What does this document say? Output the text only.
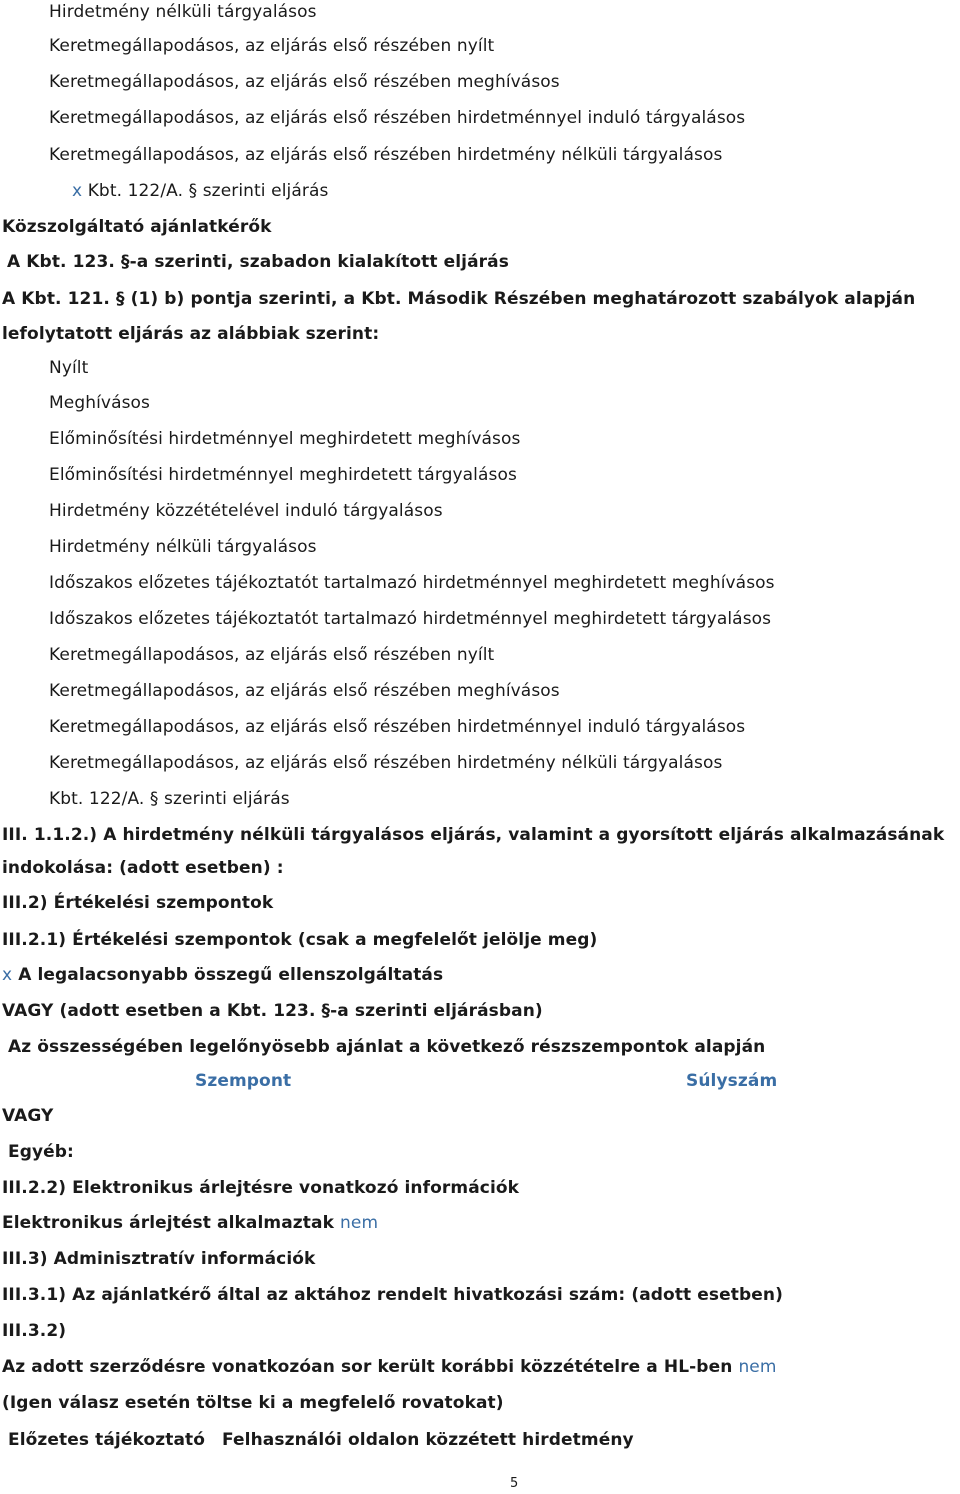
Hirdetmény nélküli tárgyalásos
Keretmegállapodásos, az eljárás első részében nyílt
Keretmegállapodásos, az eljárás első részében meghívásos
Keretmegállapodásos, az eljárás első részében hirdetménnyel induló tárgyalásos
Keretmegállapodásos, az eljárás első részében hirdetmény nélküli tárgyalásos
x Kbt. 122/A. § szerinti eljárás
Közszolgáltató ajánlatkérők
A Kbt. 123. §-a szerinti, szabadon kialakított eljárás
A Kbt. 121. § (1) b) pontja szerinti, a Kbt. Második Részében meghatározott szabályok alapján
lefolytatott eljárás az alábbiak szerint:
Nyílt
Meghívásos
Előminősítési hirdetménnyel meghirdetett meghívásos
Előminősítési hirdetménnyel meghirdetett tárgyalásos
Hirdetmény közzétételével induló tárgyalásos
Hirdetmény nélküli tárgyalásos
Időszakos előzetes tájékoztatót tartalmazó hirdetménnyel meghirdetett meghívásos
Időszakos előzetes tájékoztatót tartalmazó hirdetménnyel meghirdetett tárgyalásos
Keretmegállapodásos, az eljárás első részében nyílt
Keretmegállapodásos, az eljárás első részében meghívásos
Keretmegállapodásos, az eljárás első részében hirdetménnyel induló tárgyalásos
Keretmegállapodásos, az eljárás első részében hirdetmény nélküli tárgyalásos
Kbt. 122/A. § szerinti eljárás
III. 1.1.2.) A hirdetmény nélküli tárgyalásos eljárás, valamint a gyorsított eljárás alkalmazásának
indokolása: (adott esetben) :
III.2) Értékelési szempontok
III.2.1) Értékelési szempontok (csak a megfelelőt jelölje meg)
x A legalacsonyabb összegű ellenszolgáltatás
VAGY (adott esetben a Kbt. 123. §-a szerinti eljárásban)
Az összességében legelőnyösebb ajánlat a következő részszempontok alapján
Szempont	Súlyszám
VAGY
Egyéb:
III.2.2) Elektronikus árlejtésre vonatkozó információk
Elektronikus árlejtést alkalmaztak nem
III.3) Adminisztratív információk
III.3.1) Az ajánlatkérő által az aktához rendelt hivatkozási szám: (adott esetben)
III.3.2)
Az adott szerződésre vonatkozóan sor került korábbi közzétételre a HL-ben nem
(Igen válasz esetén töltse ki a megfelelő rovatokat)
Előzetes tájékoztató Felhasználói oldalon közzétett hirdetmény
5
